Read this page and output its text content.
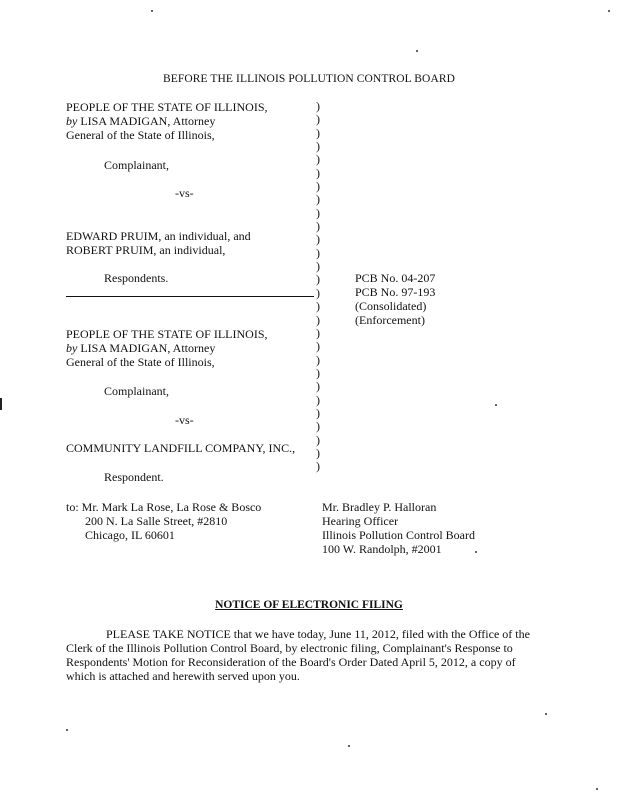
BEFORE THE ILLINOIS POLLUTION CONTROL BOARD
PEOPLE OF THE STATE OF ILLINOIS,
by LISA MADIGAN, Attorney
General of the State of Illinois,
Complainant,
-vs-
EDWARD PRUIM, an individual, and
ROBERT PRUIM, an individual,
Respondents.
PEOPLE OF THE STATE OF ILLINOIS,
by LISA MADIGAN, Attorney
General of the State of Illinois,
Complainant,
-vs-
COMMUNITY LANDFILL COMPANY, INC.,
Respondent.
)
)
)
)
)
)
)
)
)
)
)
)
)
)
)
)
)
)
)
)
)
)
)
)
)
)
)
)
PCB No. 04-207
PCB No. 97-193
(Consolidated)
(Enforcement)
to: Mr. Mark La Rose, La Rose & Bosco
200 N. La Salle Street, #2810
Chicago, IL 60601
Mr. Bradley P. Halloran
Hearing Officer
Illinois Pollution Control Board
100 W. Randolph, #2001
NOTICE OF ELECTRONIC FILING
PLEASE TAKE NOTICE that we have today, June 11, 2012, filed with the Office of the Clerk of the Illinois Pollution Control Board, by electronic filing, Complainant's Response to Respondents' Motion for Reconsideration of the Board's Order Dated April 5, 2012, a copy of which is attached and herewith served upon you.
